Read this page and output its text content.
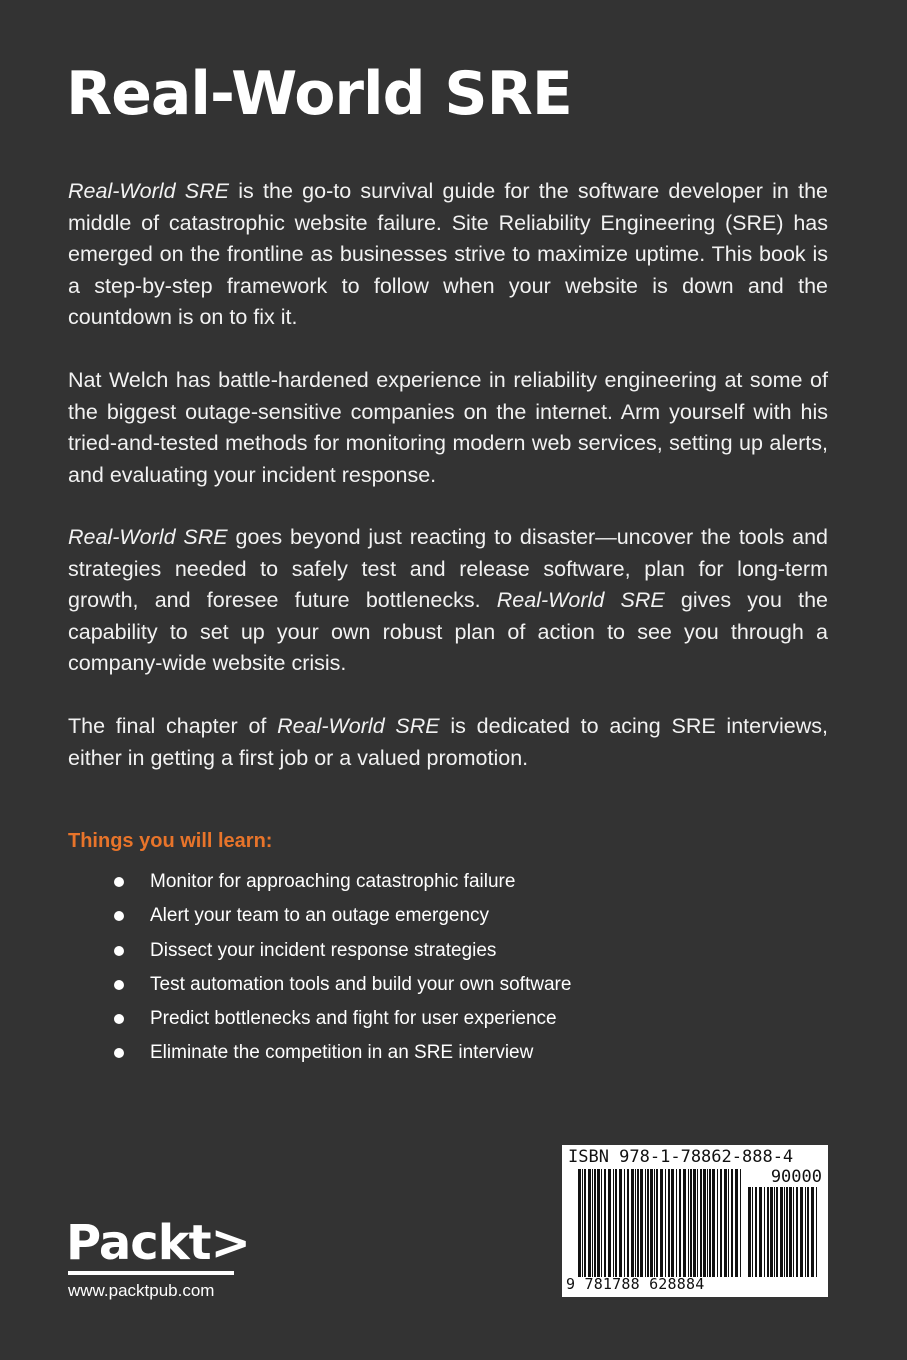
Real-World SRE

Real-World SRE is the go-to survival guide for the software developer in the middle of catastrophic website failure. Site Reliability Engineering (SRE) has emerged on the frontline as businesses strive to maximize uptime. This book is a step-by-step framework to follow when your website is down and the countdown is on to fix it.

Nat Welch has battle-hardened experience in reliability engineering at some of the biggest outage-sensitive companies on the internet. Arm yourself with his tried-and-tested methods for monitoring modern web services, setting up alerts, and evaluating your incident response.

Real-World SRE goes beyond just reacting to disaster—uncover the tools and strategies needed to safely test and release software, plan for long-term growth, and foresee future bottlenecks. Real-World SRE gives you the capability to set up your own robust plan of action to see you through a company-wide website crisis.

The final chapter of Real-World SRE is dedicated to acing SRE interviews, either in getting a first job or a valued promotion.

Things you will learn:
Monitor for approaching catastrophic failure
Alert your team to an outage emergency
Dissect your incident response strategies
Test automation tools and build your own software
Predict bottlenecks and fight for user experience
Eliminate the competition in an SRE interview
Packt>
www.packtpub.com
ISBN 978-1-78862-888-4
90000
9 781788 628884
